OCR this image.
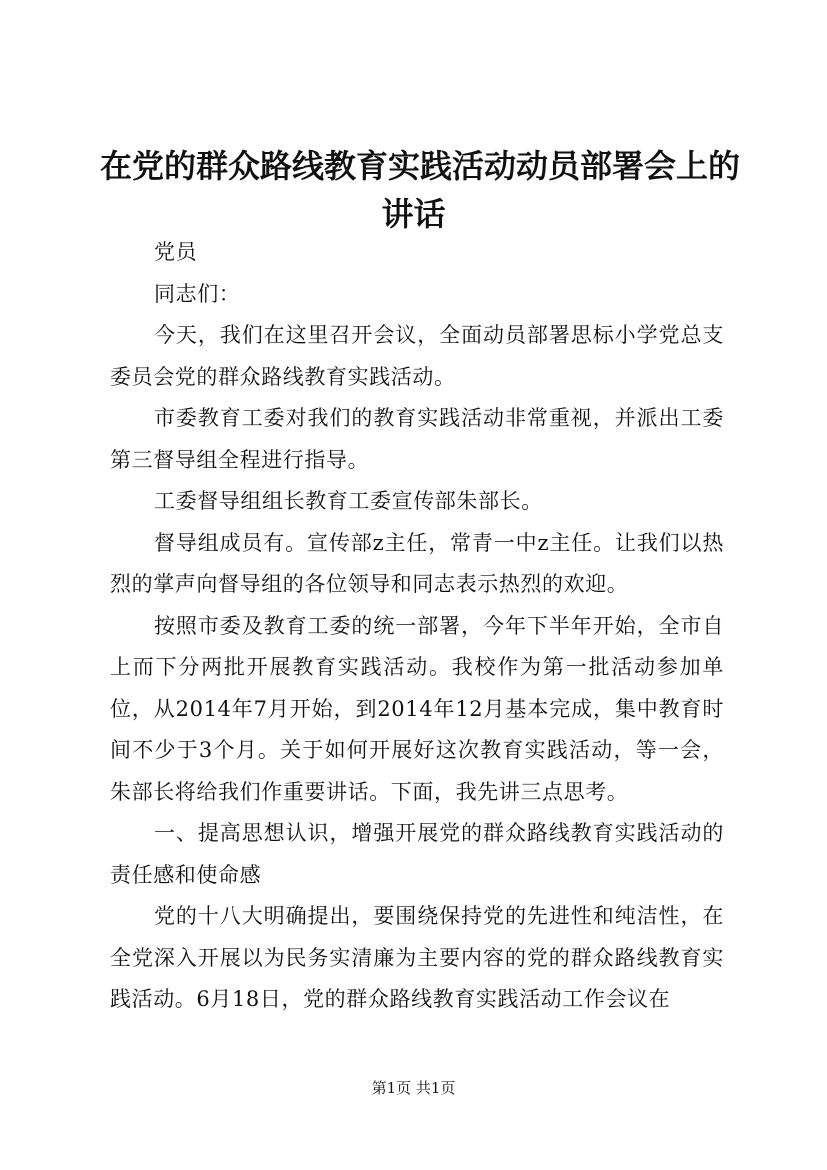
在党的群众路线教育实践活动动员部署会上的
讲话

党员

同志们：

今天，我们在这里召开会议，全面动员部署思标小学党总支委员会党的群众路线教育实践活动。

市委教育工委对我们的教育实践活动非常重视，并派出工委第三督导组全程进行指导。

工委督导组组长教育工委宣传部朱部长。

督导组成员有。宣传部z主任，常青一中z主任。让我们以热烈的掌声向督导组的各位领导和同志表示热烈的欢迎。

按照市委及教育工委的统一部署，今年下半年开始，全市自上而下分两批开展教育实践活动。我校作为第一批活动参加单位，从2014年7月开始，到2014年12月基本完成，集中教育时间不少于3个月。关于如何开展好这次教育实践活动，等一会，朱部长将给我们作重要讲话。下面，我先讲三点思考。

一、提高思想认识，增强开展党的群众路线教育实践活动的责任感和使命感

党的十八大明确提出，要围绕保持党的先进性和纯洁性，在全党深入开展以为民务实清廉为主要内容的党的群众路线教育实践活动。6月18日，党的群众路线教育实践活动工作会议在

第1页 共1页
